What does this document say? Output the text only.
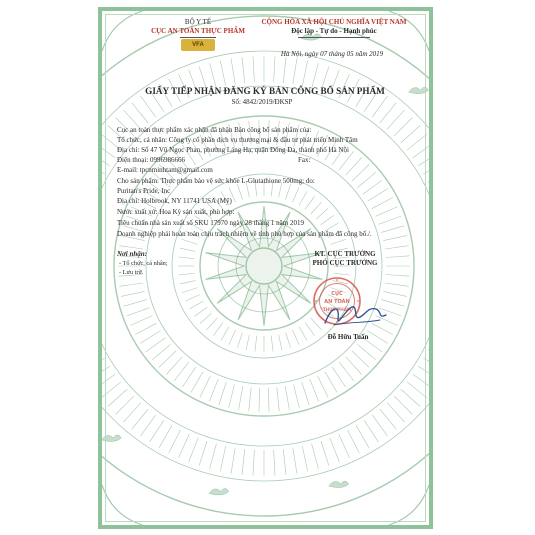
BỘ Y TẾ
CỤC AN TOÀN THỰC PHẨM
VFA
CỘNG HÒA XÃ HỘI CHỦ NGHĨA VIỆT NAM
Độc lập - Tự do - Hạnh phúc
Hà Nội, ngày 07 tháng 05 năm 2019
GIẤY TIẾP NHẬN ĐĂNG KÝ BẢN CÔNG BỐ SẢN PHẨM
Số: 4842/2019/ĐKSP
Cục an toàn thực phẩm xác nhận đã nhận Bản công bố sản phẩm của:
Tổ chức, cá nhân: Công ty cổ phần dịch vụ thương mại & đầu tư phát triển Minh Tâm
Địa chỉ: Số 47 Vũ Ngọc Phan, phường Láng Hạ, quận Đống Đa, thành phố Hà Nội
Điện thoại: 0996986666	Fax:
E-mail: tpcnminhtam@gmail.com
Cho sản phẩm: Thực phẩm bảo vệ sức khỏe L-Glutathione 500mg; do:
Puritan's Pride, Inc
Địa chỉ: Holbrook, NY 11741 USA (Mỹ)
Nước xuất xứ: Hoa Kỳ sản xuất, phù hợp:
Tiêu chuẩn nhà sản xuất số SKU 17970 ngày 28 tháng 1 năm 2019
Doanh nghiệp phải hoàn toàn chịu trách nhiệm về tính phù hợp của sản phẩm đã công bố./.
Nơi nhận:
- Tổ chức, cá nhân;
- Lưu trữ.
KT. CỤC TRƯỞNG
PHÓ CỤC TRƯỞNG
CỤC
AN TOÀN
THỰC PHẨM
Đỗ Hữu Tuấn
